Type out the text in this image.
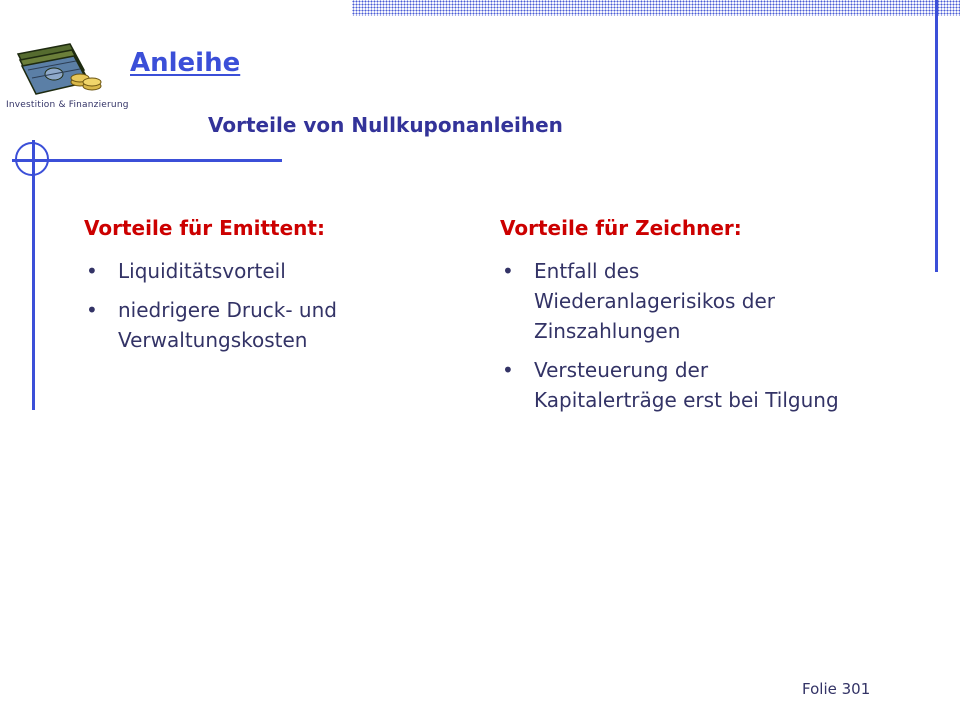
Investition & Finanzierung
Anleihe
Vorteile von Nullkuponanleihen
Vorteile für Emittent:
• Liquiditätsvorteil
• niedrigere Druck- und Verwaltungskosten
Vorteile für Zeichner:
• Entfall des Wiederanlagerisikos der Zinszahlungen
• Versteuerung der Kapitalerträge erst bei Tilgung
Folie 301
